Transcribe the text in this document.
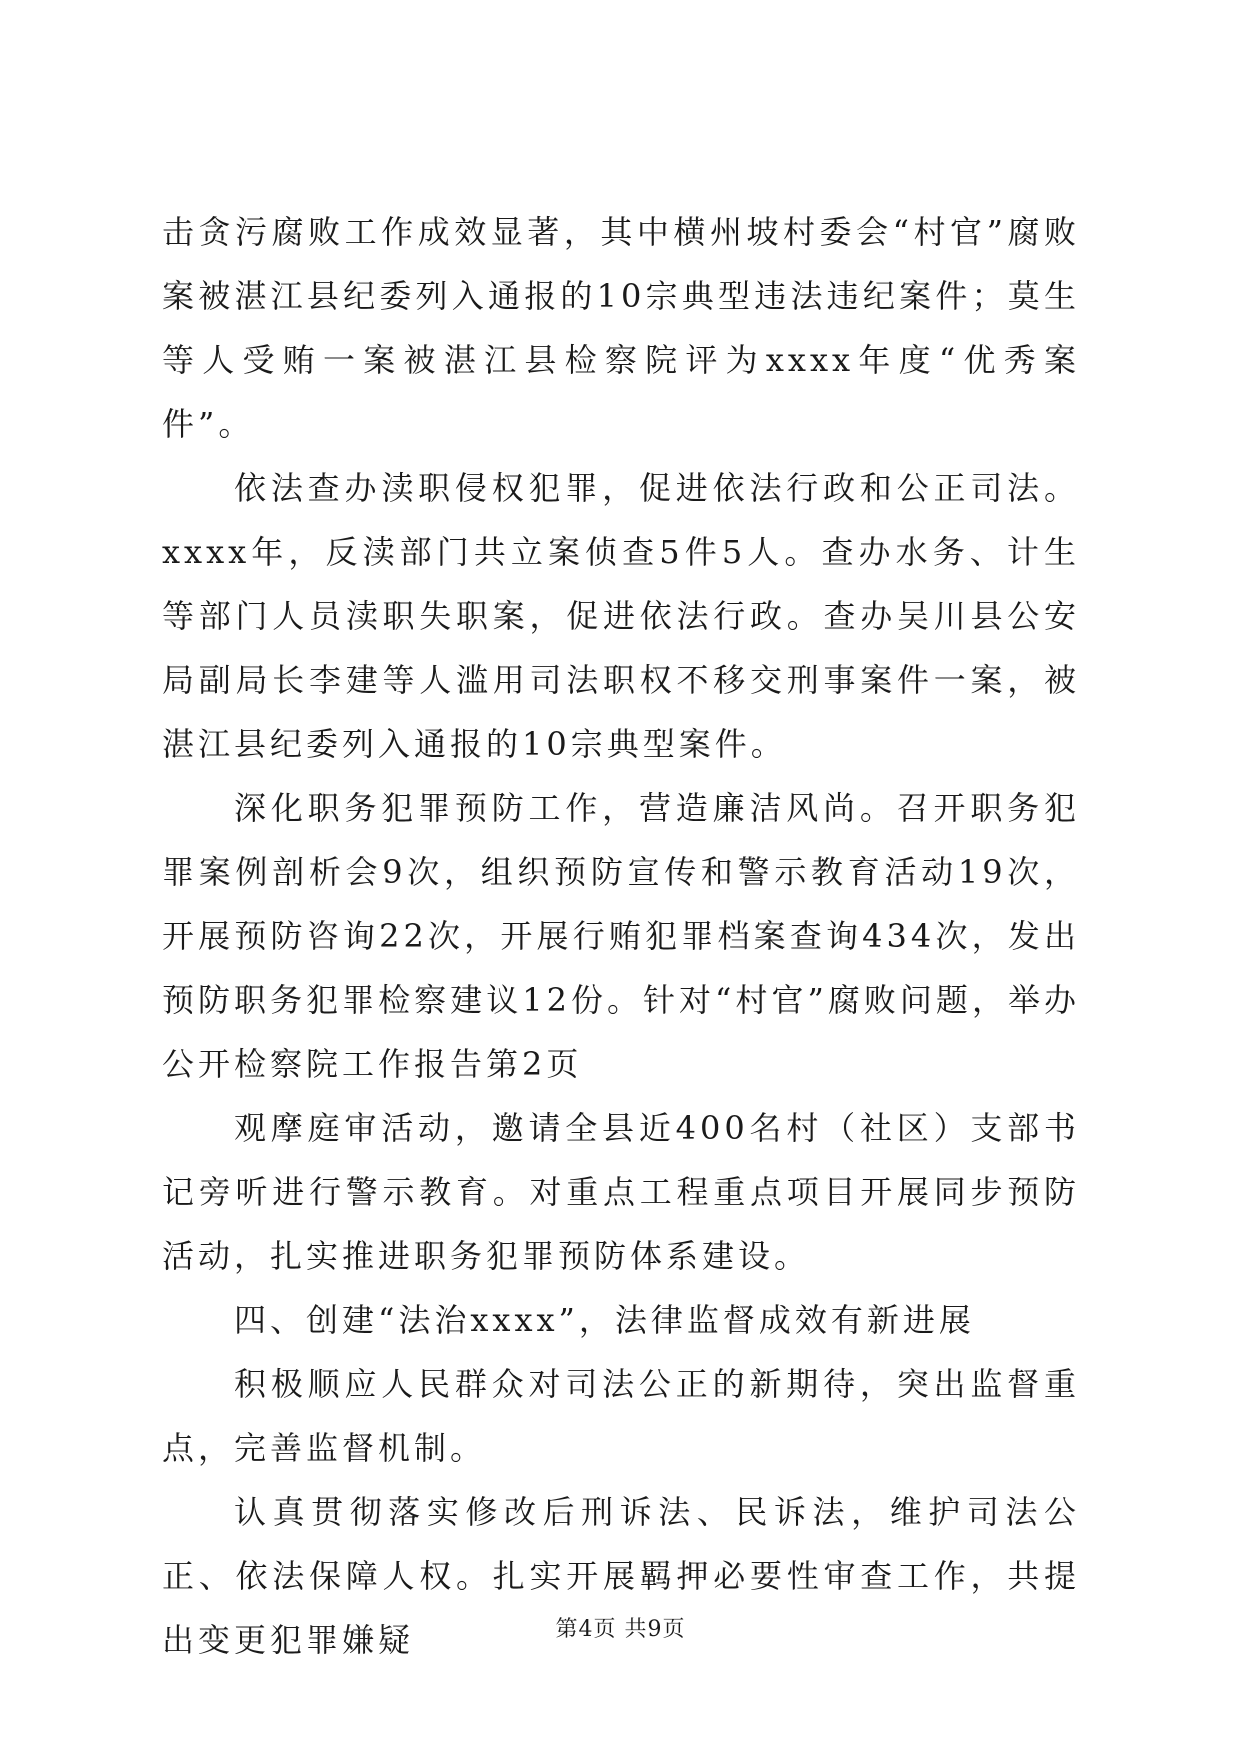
击贪污腐败工作成效显著，其中横州坡村委会“村官”腐败案被湛江县纪委列入通报的10宗典型违法违纪案件；莫生等人受贿一案被湛江县检察院评为xxxx年度“优秀案件”。

依法查办渎职侵权犯罪，促进依法行政和公正司法。xxxx年，反渎部门共立案侦查5件5人。查办水务、计生等部门人员渎职失职案，促进依法行政。查办吴川县公安局副局长李建等人滥用司法职权不移交刑事案件一案，被湛江县纪委列入通报的10宗典型案件。

深化职务犯罪预防工作，营造廉洁风尚。召开职务犯罪案例剖析会9次，组织预防宣传和警示教育活动19次，开展预防咨询22次，开展行贿犯罪档案查询434次，发出预防职务犯罪检察建议12份。针对“村官”腐败问题，举办公开检察院工作报告第2页

观摩庭审活动，邀请全县近400名村（社区）支部书记旁听进行警示教育。对重点工程重点项目开展同步预防活动，扎实推进职务犯罪预防体系建设。

四、创建“法治xxxx”，法律监督成效有新进展

积极顺应人民群众对司法公正的新期待，突出监督重点，完善监督机制。

认真贯彻落实修改后刑诉法、民诉法，维护司法公正、依法保障人权。扎实开展羁押必要性审查工作，共提出变更犯罪嫌疑	第4页 共9页
